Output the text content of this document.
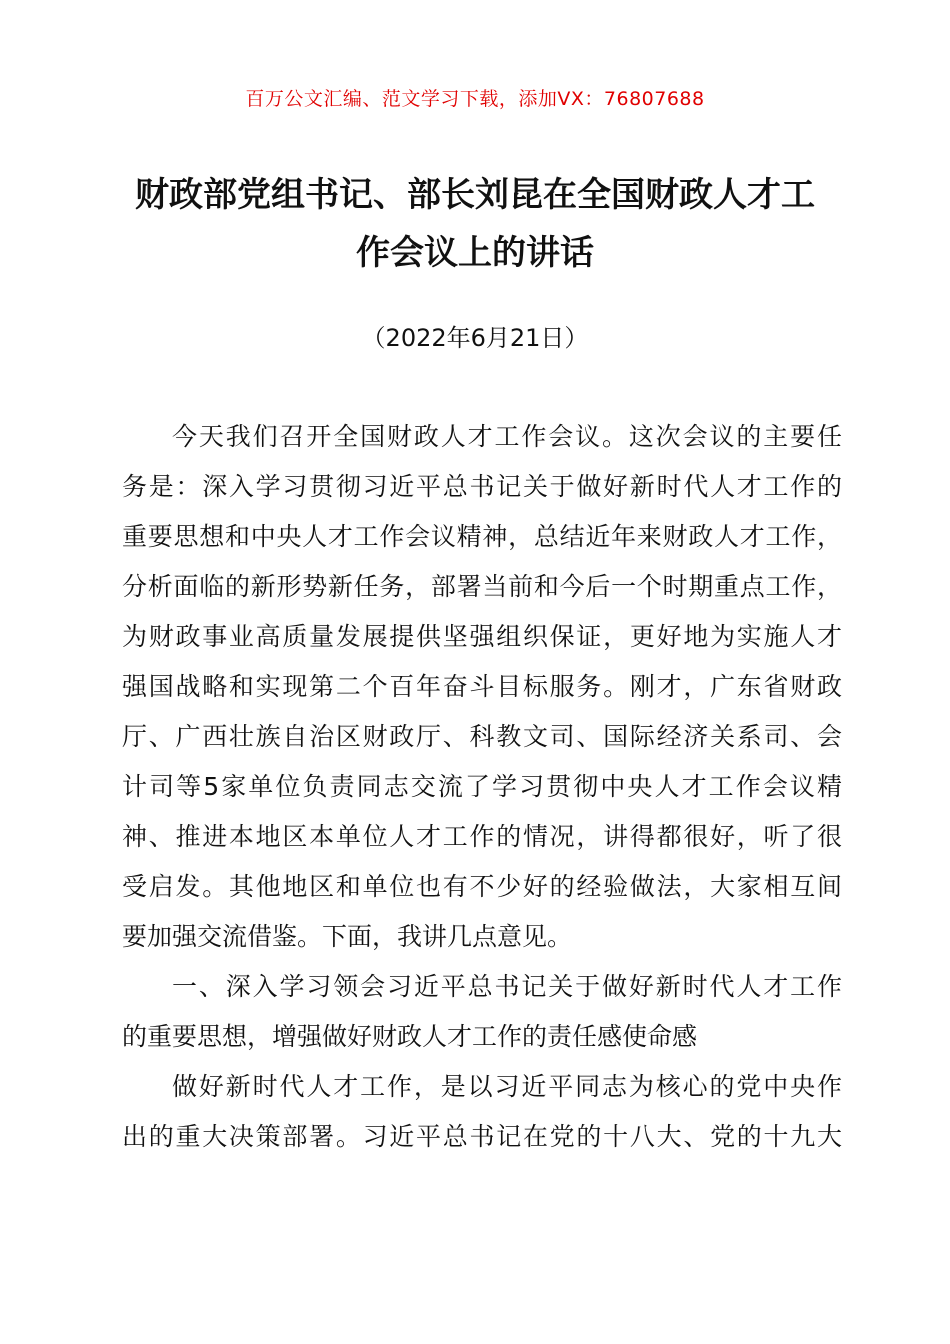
百万公文汇编、范文学习下载，添加VX：76807688
财政部党组书记、部长刘昆在全国财政人才工
作会议上的讲话
（2022年6月21日）
今天我们召开全国财政人才工作会议。这次会议的主要任
务是：深入学习贯彻习近平总书记关于做好新时代人才工作的
重要思想和中央人才工作会议精神，总结近年来财政人才工作，
分析面临的新形势新任务，部署当前和今后一个时期重点工作，
为财政事业高质量发展提供坚强组织保证，更好地为实施人才
强国战略和实现第二个百年奋斗目标服务。刚才，广东省财政
厅、广西壮族自治区财政厅、科教文司、国际经济关系司、会
计司等5家单位负责同志交流了学习贯彻中央人才工作会议精
神、推进本地区本单位人才工作的情况，讲得都很好，听了很
受启发。其他地区和单位也有不少好的经验做法，大家相互间
要加强交流借鉴。下面，我讲几点意见。
一、深入学习领会习近平总书记关于做好新时代人才工作
的重要思想，增强做好财政人才工作的责任感使命感
做好新时代人才工作，是以习近平同志为核心的党中央作
出的重大决策部署。习近平总书记在党的十八大、党的十九大
